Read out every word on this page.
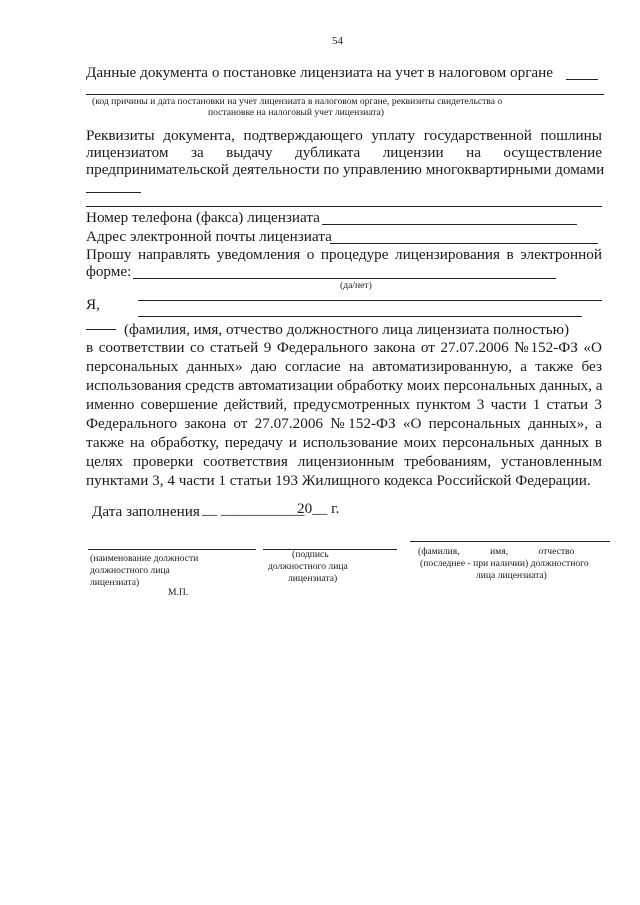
54
Данные документа о постановке лицензиата на учет в налоговом органе
(код причины и дата постановки на учет лицензиата в налоговом органе, реквизиты свидетельства о
постановке на налоговый учет лицензиата)
Реквизиты документа, подтверждающего уплату государственной пошлины
лицензиатом за выдачу дубликата лицензии на осуществление
предпринимательской деятельности по управлению многоквартирными домами
Номер телефона (факса) лицензиата
Адрес электронной почты лицензиата
Прошу направлять уведомления о процедуре лицензирования в электронной
форме:
(да/нет)
Я,
(фамилия, имя, отчество должностного лица лицензиата полностью)
в соответствии со статьей 9 Федерального закона от 27.07.2006 №152-ФЗ «О
персональных данных» даю согласие на автоматизированную, а также без
использования средств автоматизации обработку моих персональных данных, а
именно совершение действий, предусмотренных пунктом 3 части 1 статьи 3
Федерального закона от 27.07.2006 №152-ФЗ «О персональных данных», а
также на обработку, передачу и использование моих персональных данных в
целях проверки соответствия лицензионным требованиям, установленным
пунктами 3, 4 части 1 статьи 193 Жилищного кодекса Российской Федерации.
Дата заполнения __ ___________
20__ г.
(наименование должности
должностного лица
лицензиата)
(подпись
должностного лица
лицензиата)
(фамилия, имя, отчество
(последнее - при наличии) должностного
лица лицензиата)
М.П.
